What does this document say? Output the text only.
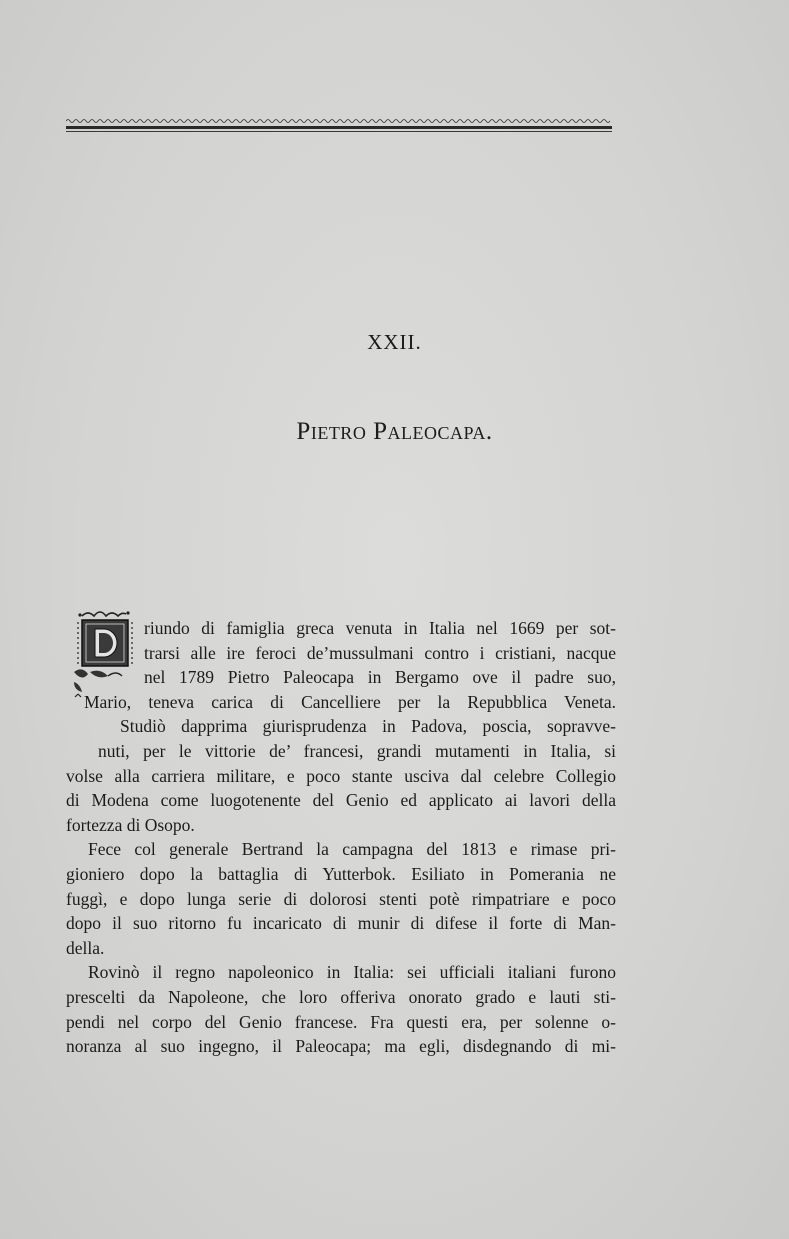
XXII.
Pietro Paleocapa.
riundo di famiglia greca venuta in Italia nel 1669 per sot-
trarsi alle ire feroci de’mussulmani contro i cristiani, nacque
nel 1789 Pietro Paleocapa in Bergamo ove il padre suo,
Mario, teneva carica di Cancelliere per la Repubblica Veneta.
Studiò dapprima giurisprudenza in Padova, poscia, sopravve-
nuti, per le vittorie de’ francesi, grandi mutamenti in Italia, si
volse alla carriera militare, e poco stante usciva dal celebre Collegio
di Modena come luogotenente del Genio ed applicato ai lavori della
fortezza di Osopo.
Fece col generale Bertrand la campagna del 1813 e rimase pri-
gioniero dopo la battaglia di Yutterbok. Esiliato in Pomerania ne
fuggì, e dopo lunga serie di dolorosi stenti potè rimpatriare e poco
dopo il suo ritorno fu incaricato di munir di difese il forte di Man-
della.
Rovinò il regno napoleonico in Italia: sei ufficiali italiani furono
prescelti da Napoleone, che loro offeriva onorato grado e lauti sti-
pendi nel corpo del Genio francese. Fra questi era, per solenne o-
noranza al suo ingegno, il Paleocapa; ma egli, disdegnando di mi-
